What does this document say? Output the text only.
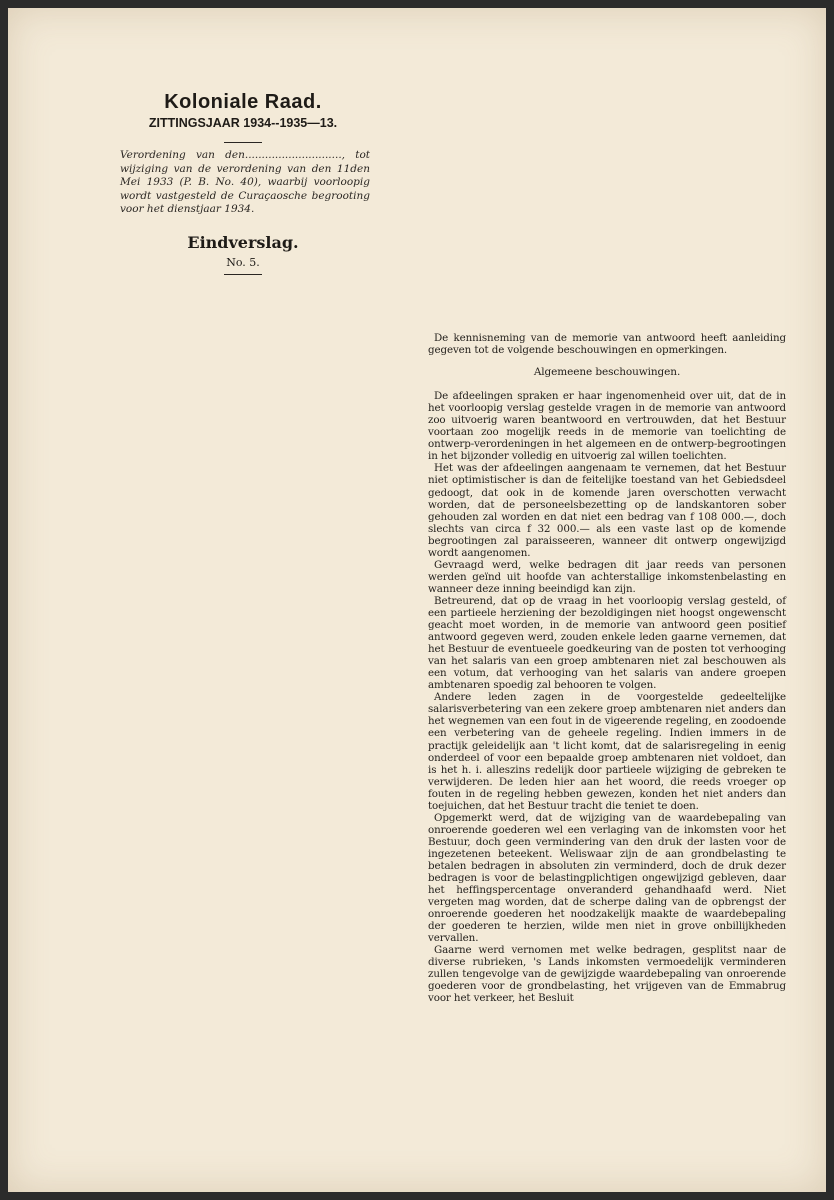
Koloniale Raad.

ZITTINGSJAAR 1934--1935—13.

Verordening van den............................., tot wijziging van de verordening van den 11den Mei 1933 (P. B. No. 40), waarbij voorloopig wordt vastgesteld de Curaçaosche begrooting voor het dienstjaar 1934.

Eindverslag.

No. 5.

De kennisneming van de memorie van antwoord heeft aanleiding gegeven tot de volgende beschouwingen en opmerkingen.

Algemeene beschouwingen.

De afdeelingen spraken er haar ingenomenheid over uit, dat de in het voorloopig verslag gestelde vragen in de memorie van antwoord zoo uitvoerig waren beantwoord en vertrouwden, dat het Bestuur voortaan zoo mogelijk reeds in de memorie van toelichting de ontwerp-verordeningen in het algemeen en de ontwerp-begrootingen in het bijzonder volledig en uitvoerig zal willen toelichten.

Het was der afdeelingen aangenaam te vernemen, dat het Bestuur niet optimistischer is dan de feitelijke toestand van het Gebiedsdeel gedoogt, dat ook in de komende jaren overschotten verwacht worden, dat de personeelsbezetting op de landskantoren sober gehouden zal worden en dat niet een bedrag van f 108 000.—, doch slechts van circa f 32 000.— als een vaste last op de komende begrootingen zal paraisseeren, wanneer dit ontwerp ongewijzigd wordt aangenomen.

Gevraagd werd, welke bedragen dit jaar reeds van personen werden geïnd uit hoofde van achterstallige inkomstenbelasting en wanneer deze inning beeindigd kan zijn.

Betreurend, dat op de vraag in het voorloopig verslag gesteld, of een partieele herziening der bezoldigingen niet hoogst ongewenscht geacht moet worden, in de memorie van antwoord geen positief antwoord gegeven werd, zouden enkele leden gaarne vernemen, dat het Bestuur de eventueele goedkeuring van de posten tot verhooging van het salaris van een groep ambtenaren niet zal beschouwen als een votum, dat verhooging van het salaris van andere groepen ambtenaren spoedig zal behooren te volgen.

Andere leden zagen in de voorgestelde gedeeltelijke salarisverbetering van een zekere groep ambtenaren niet anders dan het wegnemen van een fout in de vigeerende regeling, en zoodoende een verbetering van de geheele regeling. Indien immers in de practijk geleidelijk aan 't licht komt, dat de salarisregeling in eenig onderdeel of voor een bepaalde groep ambtenaren niet voldoet, dan is het h. i. alleszins redelijk door partieele wijziging de gebreken te verwijderen. De leden hier aan het woord, die reeds vroeger op fouten in de regeling hebben gewezen, konden het niet anders dan toejuichen, dat het Bestuur tracht die teniet te doen.

Opgemerkt werd, dat de wijziging van de waardebepaling van onroerende goederen wel een verlaging van de inkomsten voor het Bestuur, doch geen vermindering van den druk der lasten voor de ingezetenen beteekent. Weliswaar zijn de aan grondbelasting te betalen bedragen in absoluten zin verminderd, doch de druk dezer bedragen is voor de belastingplichtigen ongewijzigd gebleven, daar het heffingspercentage onveranderd gehandhaafd werd. Niet vergeten mag worden, dat de scherpe daling van de opbrengst der onroerende goederen het noodzakelijk maakte de waardebepaling der goederen te herzien, wilde men niet in grove onbillijkheden vervallen.

Gaarne werd vernomen met welke bedragen, gesplitst naar de diverse rubrieken, 's Lands inkomsten vermoedelijk verminderen zullen tengevolge van de gewijzigde waardebepaling van onroerende goederen voor de grondbelasting, het vrijgeven van de Emmabrug voor het verkeer, het Besluit
